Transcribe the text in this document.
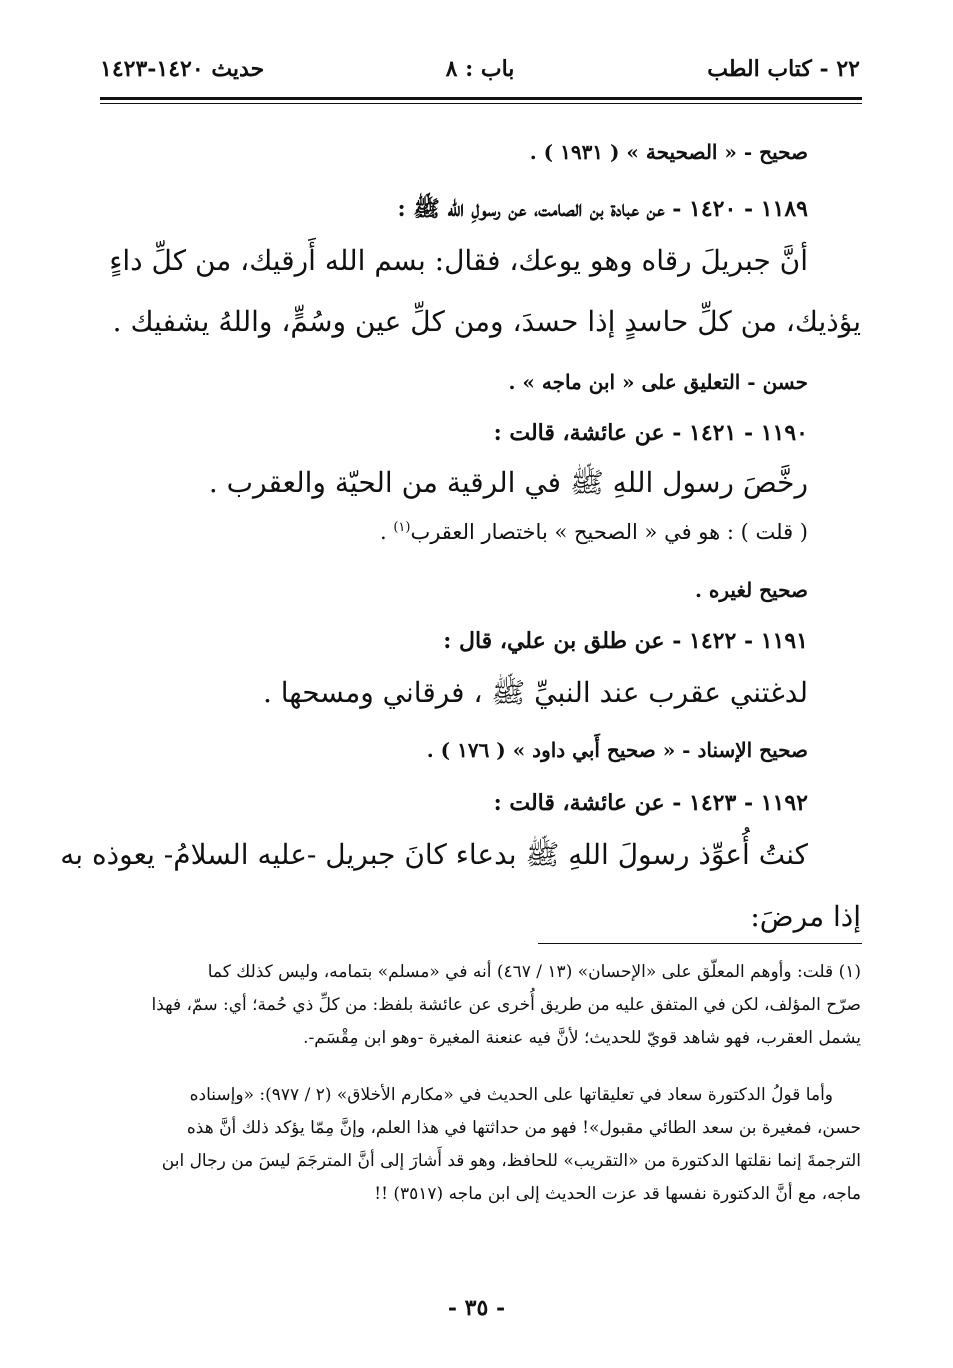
٢٢ - كتاب الطب
باب : ٨
حديث ١٤٢٠-١٤٢٣
صحيح - « الصحيحة » ( ١٩٣١ ) .
١١٨٩ - ١٤٢٠ - عن عبادة بن الصامت، عن رسولِ الله ﷺ :
أنَّ جبريلَ رقاه وهو يوعك، فقال: بسم الله أَرقيك، من كلِّ داءٍ
يؤذيك، من كلِّ حاسدٍ إذا حسدَ، ومن كلِّ عين وسُمٍّ، واللهُ يشفيك .
حسن - التعليق على « ابن ماجه » .
١١٩٠ - ١٤٢١ - عن عائشة، قالت :
رخَّصَ رسول اللهِ ﷺ في الرقية من الحيّة والعقرب .
( قلت ) : هو في « الصحيح » باختصار العقرب$^{(١)}$ .
صحيح لغيره .
١١٩١ - ١٤٢٢ - عن طلق بن علي، قال :
لدغتني عقرب عند النبيِّ ﷺ ، فرقاني ومسحها .
صحيح الإسناد - « صحيح أَبي داود » ( ١٧٦ ) .
١١٩٢ - ١٤٢٣ - عن عائشة، قالت :
كنتُ أُعوِّذ رسولَ اللهِ ﷺ بدعاء كانَ جبريل -عليه السلامُ- يعوذه به
إذا مرضَ:
(١) قلت: وأوهم المعلّق على «الإحسان» (١٣ / ٤٦٧) أنه في «مسلم» بتمامه، وليس كذلك كما
صرّح المؤلف، لكن في المتفق عليه من طريق أُخرى عن عائشة بلفظ: من كلِّ ذي حُمة؛ أي: سمّ، فهذا
يشمل العقرب، فهو شاهد قويّ للحديث؛ لأنَّ فيه عنعنة المغيرة -وهو ابن مِقْسَم-.
وأما قولُ الدكتورة سعاد في تعليقاتها على الحديث في «مكارم الأخلاق» (٢ / ٩٧٧): «وإسناده
حسن، فمغيرة بن سعد الطائي مقبول»! فهو من حداثتها في هذا العلم، وإنَّ مِمّا يؤكد ذلك أنَّ هذه
الترجمةَ إنما نقلتها الدكتورة من «التقريب» للحافظ، وهو قد أَشارَ إلى أنَّ المترجَمَ ليسَ من رجال ابن
ماجه، مع أنَّ الدكتورة نفسها قد عزت الحديث إلى ابن ماجه (٣٥١٧) !!
- ٣٥ -
